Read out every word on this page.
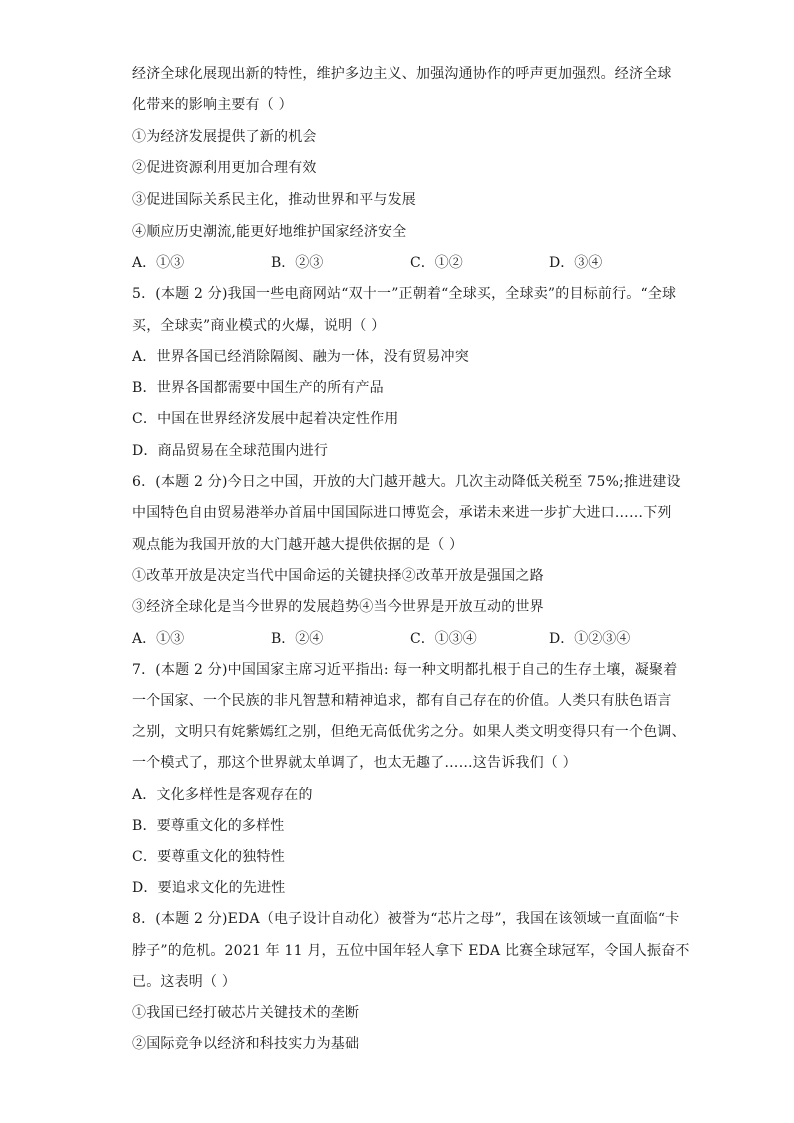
经济全球化展现出新的特性，维护多边主义、加强沟通协作的呼声更加强烈。经济全球
化带来的影响主要有（ ）
①为经济发展提供了新的机会
②促进资源利用更加合理有效
③促进国际关系民主化，推动世界和平与发展
④顺应历史潮流,能更好地维护国家经济安全
A．①③	B．②③	C．①②	D．③④
5．(本题 2 分)我国一些电商网站“双十一”正朝着“全球买，全球卖”的目标前行。“全球
买，全球卖”商业模式的火爆，说明（ ）
A．世界各国已经消除隔阂、融为一体，没有贸易冲突
B．世界各国都需要中国生产的所有产品
C．中国在世界经济发展中起着决定性作用
D．商品贸易在全球范围内进行
6．(本题 2 分)今日之中国，开放的大门越开越大。几次主动降低关税至 75%;推进建设
中国特色自由贸易港举办首届中国国际进口博览会，承诺未来进一步扩大进口……下列
观点能为我国开放的大门越开越大提供依据的是（ ）
①改革开放是决定当代中国命运的关键抉择②改革开放是强国之路
③经济全球化是当今世界的发展趋势④当今世界是开放互动的世界
A．①③	B．②④	C．①③④	D．①②③④
7．(本题 2 分)中国国家主席习近平指出: 每一种文明都扎根于自己的生存土壤，凝聚着
一个国家、一个民族的非凡智慧和精神追求，都有自己存在的价值。人类只有肤色语言
之别，文明只有姹紫嫣红之别，但绝无高低优劣之分。如果人类文明变得只有一个色调、
一个模式了，那这个世界就太单调了，也太无趣了……这告诉我们（ ）
A．文化多样性是客观存在的
B．要尊重文化的多样性
C．要尊重文化的独特性
D．要追求文化的先进性
8．(本题 2 分)EDA（电子设计自动化）被誉为“芯片之母”，我国在该领域一直面临“卡
脖子”的危机。2021 年 11 月，五位中国年轻人拿下 EDA 比赛全球冠军，令国人振奋不
已。这表明（ ）
①我国已经打破芯片关键技术的垄断
②国际竞争以经济和科技实力为基础
